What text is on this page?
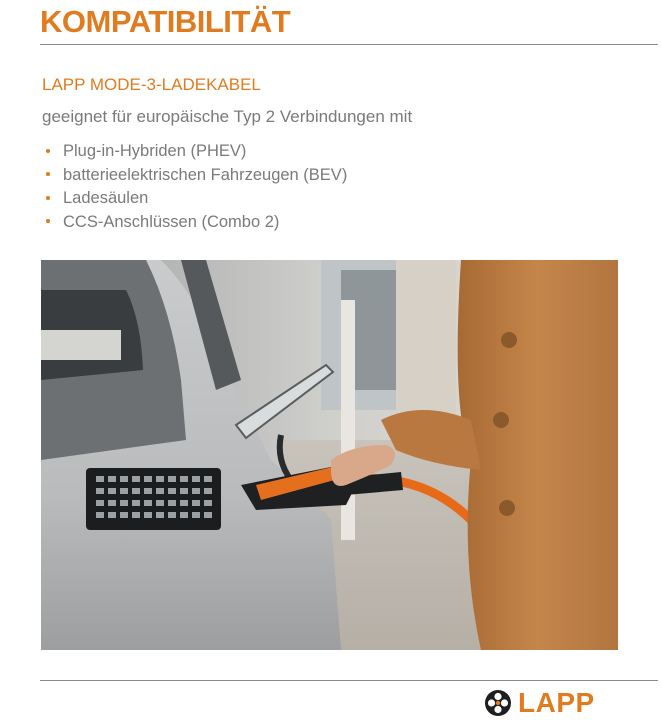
KOMPATIBILITÄT
LAPP MODE-3-LADEKABEL
geeignet für europäische Typ 2 Verbindungen mit
Plug-in-Hybriden (PHEV)
batterieelektrischen Fahrzeugen (BEV)
Ladesäulen
CCS-Anschlüssen (Combo 2)
LAPP
